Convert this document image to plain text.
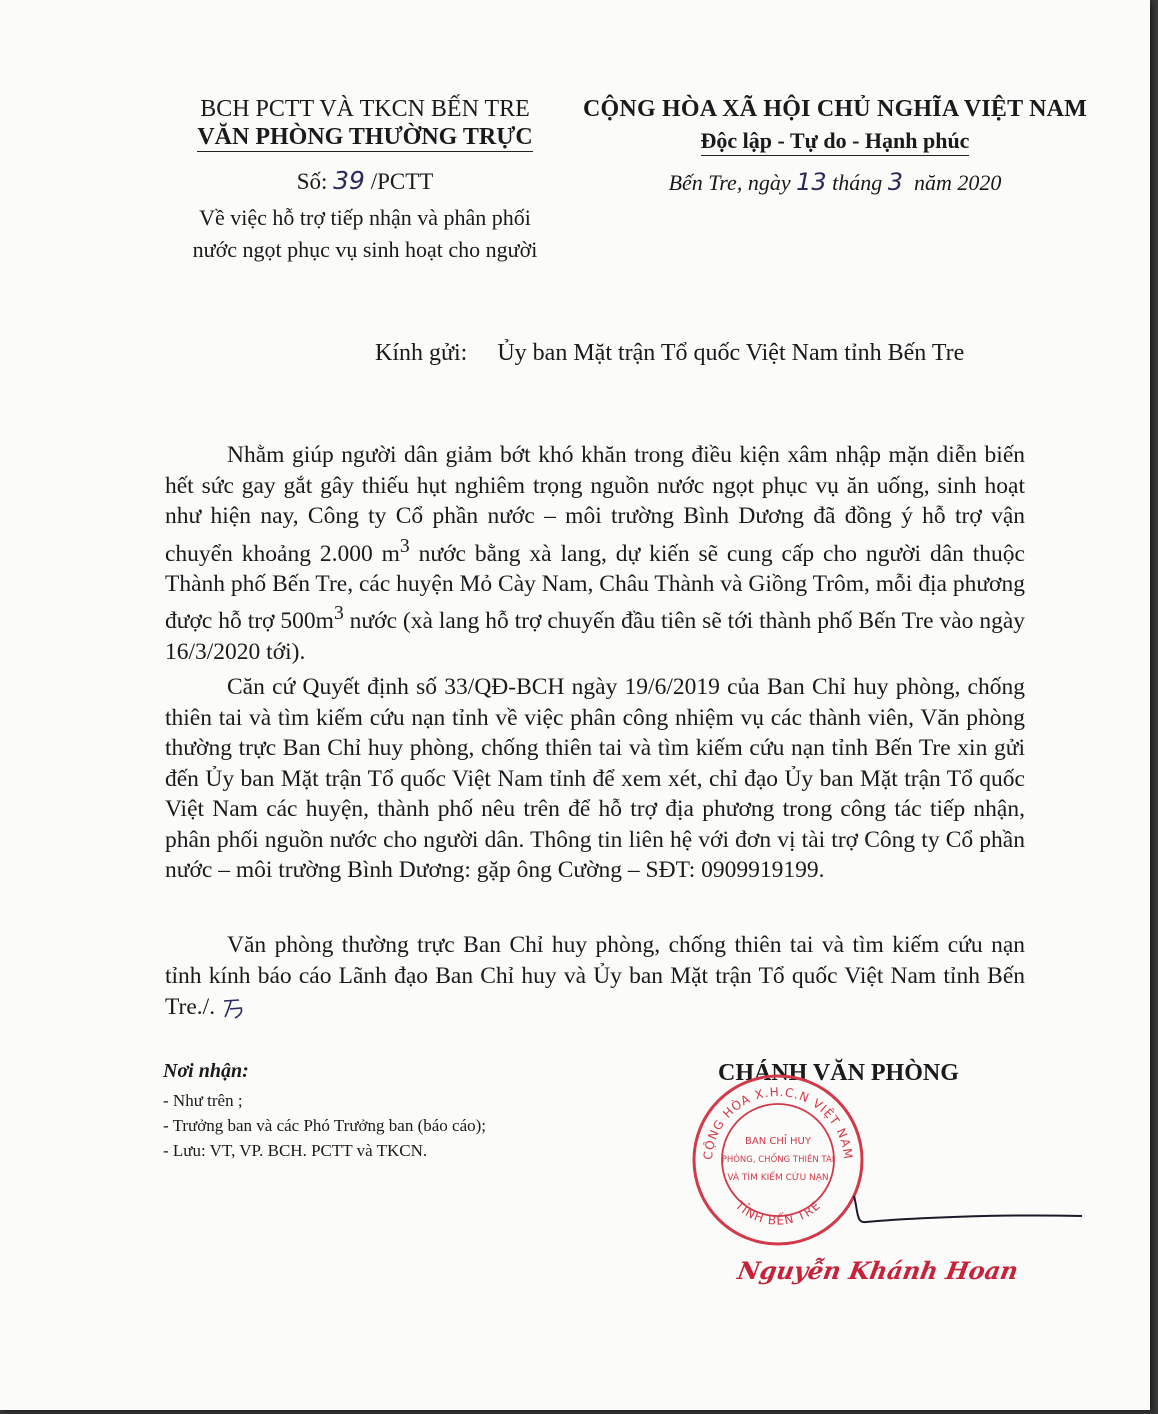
BCH PCTT VÀ TKCN BẾN TRE
VĂN PHÒNG THƯỜNG TRỰC
Số: 39 /PCTT
Về việc hỗ trợ tiếp nhận và phân phối
nước ngọt phục vụ sinh hoạt cho người
CỘNG HÒA XÃ HỘI CHỦ NGHĨA VIỆT NAM
Độc lập - Tự do - Hạnh phúc
Bến Tre, ngày 13 tháng 3 năm 2020
Kính gửi: Ủy ban Mặt trận Tổ quốc Việt Nam tỉnh Bến Tre

Nhằm giúp người dân giảm bớt khó khăn trong điều kiện xâm nhập mặn diễn biến hết sức gay gắt gây thiếu hụt nghiêm trọng nguồn nước ngọt phục vụ ăn uống, sinh hoạt như hiện nay, Công ty Cổ phần nước – môi trường Bình Dương đã đồng ý hỗ trợ vận chuyển khoảng 2.000 $m^3$ nước bằng xà lang, dự kiến sẽ cung cấp cho người dân thuộc Thành phố Bến Tre, các huyện Mỏ Cày Nam, Châu Thành và Giồng Trôm, mỗi địa phương được hỗ trợ $500m^3$ nước (xà lang hỗ trợ chuyến đầu tiên sẽ tới thành phố Bến Tre vào ngày 16/3/2020 tới).

Căn cứ Quyết định số 33/QĐ-BCH ngày 19/6/2019 của Ban Chỉ huy phòng, chống thiên tai và tìm kiếm cứu nạn tỉnh về việc phân công nhiệm vụ các thành viên, Văn phòng thường trực Ban Chỉ huy phòng, chống thiên tai và tìm kiếm cứu nạn tỉnh Bến Tre xin gửi đến Ủy ban Mặt trận Tổ quốc Việt Nam tỉnh để xem xét, chỉ đạo Ủy ban Mặt trận Tổ quốc Việt Nam các huyện, thành phố nêu trên để hỗ trợ địa phương trong công tác tiếp nhận, phân phối nguồn nước cho người dân. Thông tin liên hệ với đơn vị tài trợ Công ty Cổ phần nước – môi trường Bình Dương: gặp ông Cường – SĐT: 0909919199.

Văn phòng thường trực Ban Chỉ huy phòng, chống thiên tai và tìm kiếm cứu nạn tỉnh kính báo cáo Lãnh đạo Ban Chỉ huy và Ủy ban Mặt trận Tổ quốc Việt Nam tỉnh Bến Tre./.

Nơi nhận:
- Như trên ;
- Trưởng ban và các Phó Trưởng ban (báo cáo);
- Lưu: VT, VP. BCH. PCTT và TKCN.
CHÁNH VĂN PHÒNG
CỘNG HÒA X.H.C.N VIỆT NAM
TỈNH BẾN TRE
BAN CHỈ HUY
PHÒNG, CHỐNG THIÊN TAI
VÀ TÌM KIẾM CỨU NẠN
Nguyễn Khánh Hoan
